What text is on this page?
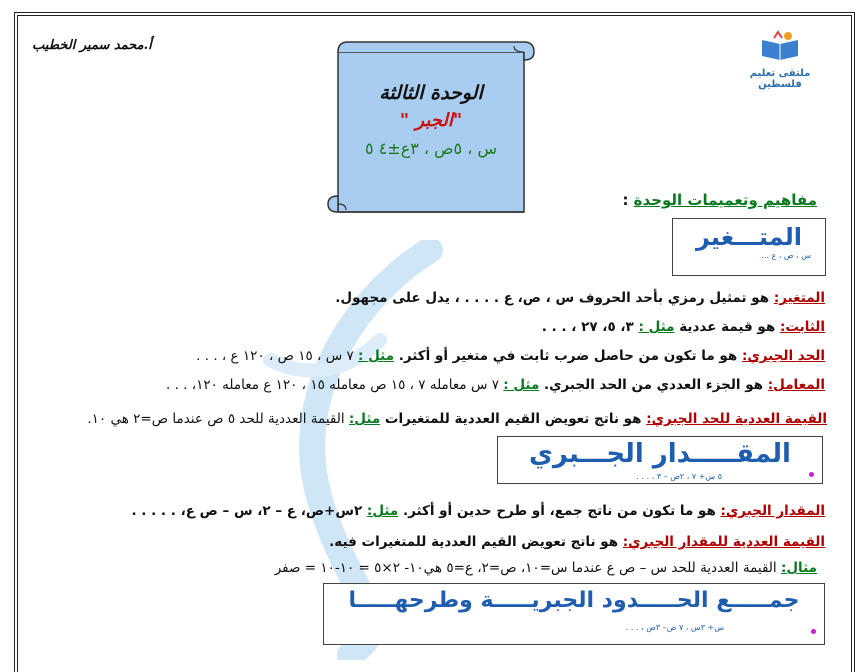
أ.محمد سمير الخطيب
ملتقى تعليم فلسطين
الوحدة الثالثة
" الجبر"
س ، ٥ص ، ٣ع±٤ ٥
مفاهيم وتعميمات الوحدة :
المتـــغير
س ، ص ، ع ...
المتغير: هو تمثيل رمزي بأحد الحروف س ، ص، ع . . . . ، يدل على مجهول.
الثابت: هو قيمة عددية مثل : ٣، ٥، ٢٧ ، . . .
الحد الجبري: هو ما تكون من حاصل ضرب ثابت في متغير أو أكثر. مثل : ٧ س ، ١٥ ص ، ١٢٠ ع ، . . .
المعامل: هو الجزء العددي من الحد الجبري. مثل : ٧ س معامله ٧ ، ١٥ ص معامله ١٥ ، ١٢٠ ع معامله ١٢٠، . . .
القيمة العددية للحد الجبري: هو ناتج تعويض القيم العددية للمتغيرات مثل: القيمة العددية للحد ٥ ص عندما ص=٢ هي ١٠.
المقـــــدار الجـــبري
٥ س+ ٧ ، ٢ص – ٣ ، . . .
المقدار الجبري: هو ما تكون من ناتج جمع، أو طرح حدين أو أكثر. مثل: ٢س+ص، ع – ٢، س – ص ع، . . . . .
القيمة العددية للمقدار الجبري: هو ناتج تعويض القيم العددية للمتغيرات فيه.
مثال: القيمة العددية للحد س – ص ع عندما س=١٠، ص=٢، ع=٥ هي١٠- ٢×٥ = ١٠-١٠ = صفر
جمـــــع الحـــــدود الجبريـــــة وطرحهـــــا
س+ ٣س ، ٧ ص– ٣ص ، . . .
